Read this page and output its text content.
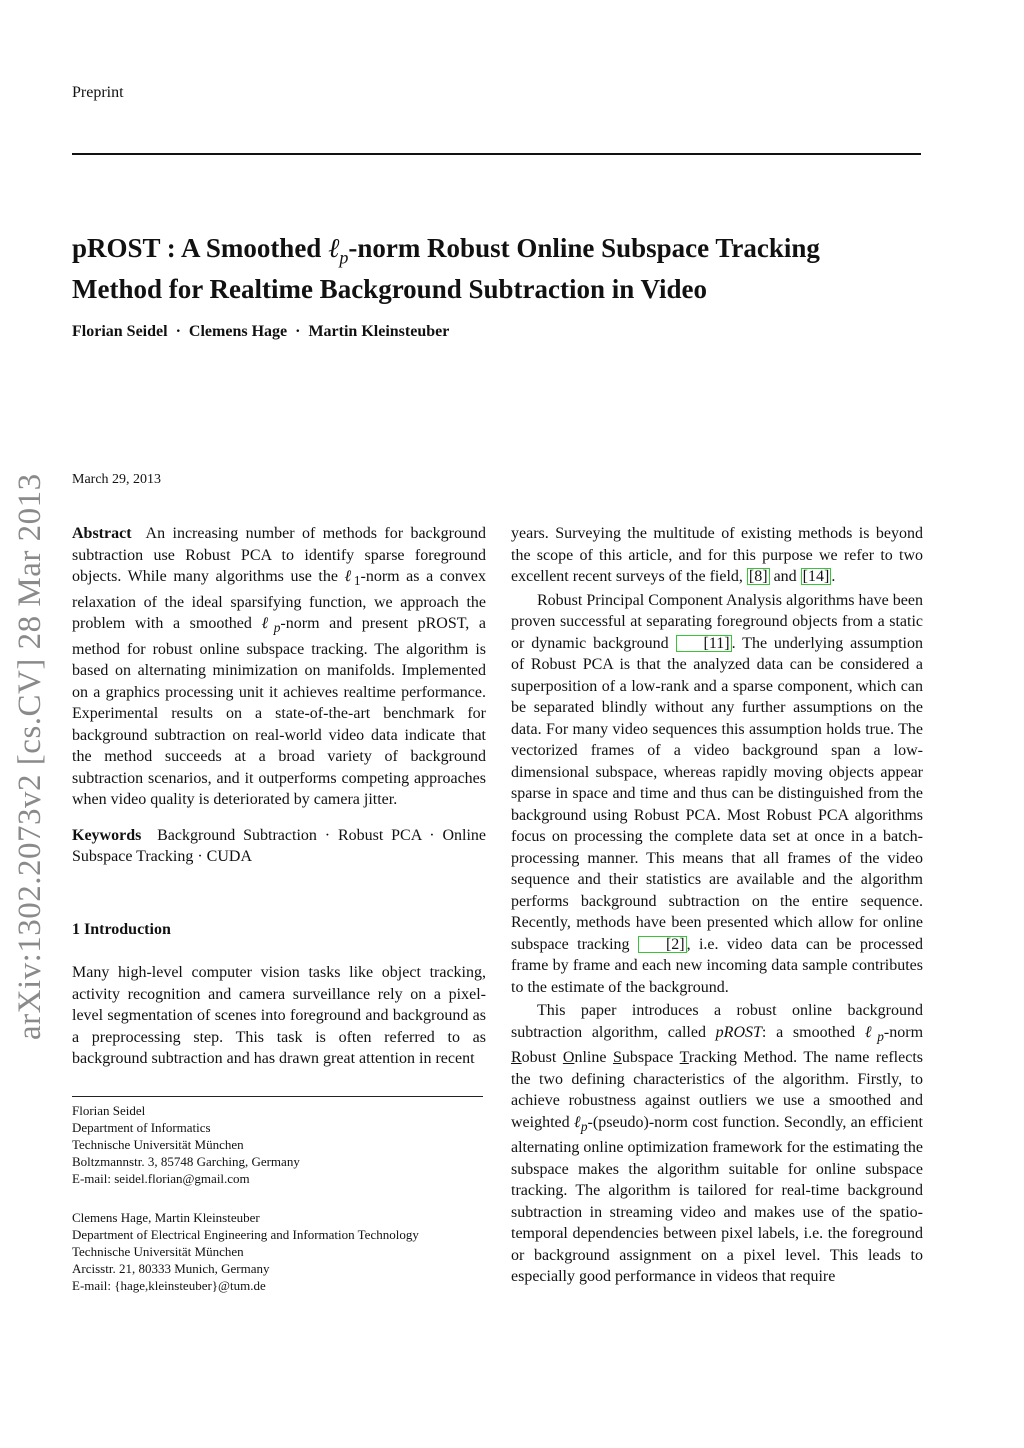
Preprint
arXiv:1302.2073v2 [cs.CV] 28 Mar 2013
pROST : A Smoothed ℓ$_p$-norm Robust Online Subspace Tracking
Method for Realtime Background Subtraction in Video
Florian Seidel · Clemens Hage · Martin Kleinsteuber
March 29, 2013

Abstract An increasing number of methods for background subtraction use Robust PCA to identify sparse foreground objects. While many algorithms use the ℓ$_1$-norm as a convex relaxation of the ideal sparsifying function, we approach the problem with a smoothed ℓ$_p$-norm and present pROST, a method for robust online subspace tracking. The algorithm is based on alternating minimization on manifolds. Implemented on a graphics processing unit it achieves realtime performance. Experimental results on a state-of-the-art benchmark for background subtraction on real-world video data indicate that the method succeeds at a broad variety of background subtraction scenarios, and it outperforms competing approaches when video quality is deteriorated by camera jitter.

Keywords Background Subtraction · Robust PCA · Online Subspace Tracking · CUDA

1 Introduction

Many high-level computer vision tasks like object tracking, activity recognition and camera surveillance rely on a pixel-level segmentation of scenes into foreground and background as a preprocessing step. This task is often referred to as background subtraction and has drawn great attention in recent

Florian Seidel
Department of Informatics
Technische Universität München
Boltzmannstr. 3, 85748 Garching, Germany
E-mail: seidel.florian@gmail.com
Clemens Hage, Martin Kleinsteuber
Department of Electrical Engineering and Information Technology
Technische Universität München
Arcisstr. 21, 80333 Munich, Germany
E-mail: {hage,kleinsteuber}@tum.de

years. Surveying the multitude of existing methods is beyond the scope of this article, and for this purpose we refer to two excellent recent surveys of the field, [8] and [14] .

Robust Principal Component Analysis algorithms have been proven successful at separating foreground objects from a static or dynamic background [11] . The underlying assumption of Robust PCA is that the analyzed data can be considered a superposition of a low-rank and a sparse component, which can be separated blindly without any further assumptions on the data. For many video sequences this assumption holds true. The vectorized frames of a video background span a low-dimensional subspace, whereas rapidly moving objects appear sparse in space and time and thus can be distinguished from the background using Robust PCA. Most Robust PCA algorithms focus on processing the complete data set at once in a batch-processing manner. This means that all frames of the video sequence and their statistics are available and the algorithm performs background subtraction on the entire sequence. Recently, methods have been presented which allow for online subspace tracking [2] , i.e. video data can be processed frame by frame and each new incoming data sample contributes to the estimate of the background.

This paper introduces a robust online background subtraction algorithm, called pROST: a smoothed ℓ$_p$-norm Robust Online Subspace Tracking Method. The name reflects the two defining characteristics of the algorithm. Firstly, to achieve robustness against outliers we use a smoothed and weighted ℓ$_p$-(pseudo)-norm cost function. Secondly, an efficient alternating online optimization framework for the estimating the subspace makes the algorithm suitable for online subspace tracking. The algorithm is tailored for real-time background subtraction in streaming video and makes use of the spatio-temporal dependencies between pixel labels, i.e. the foreground or background assignment on a pixel level. This leads to especially good performance in videos that require
